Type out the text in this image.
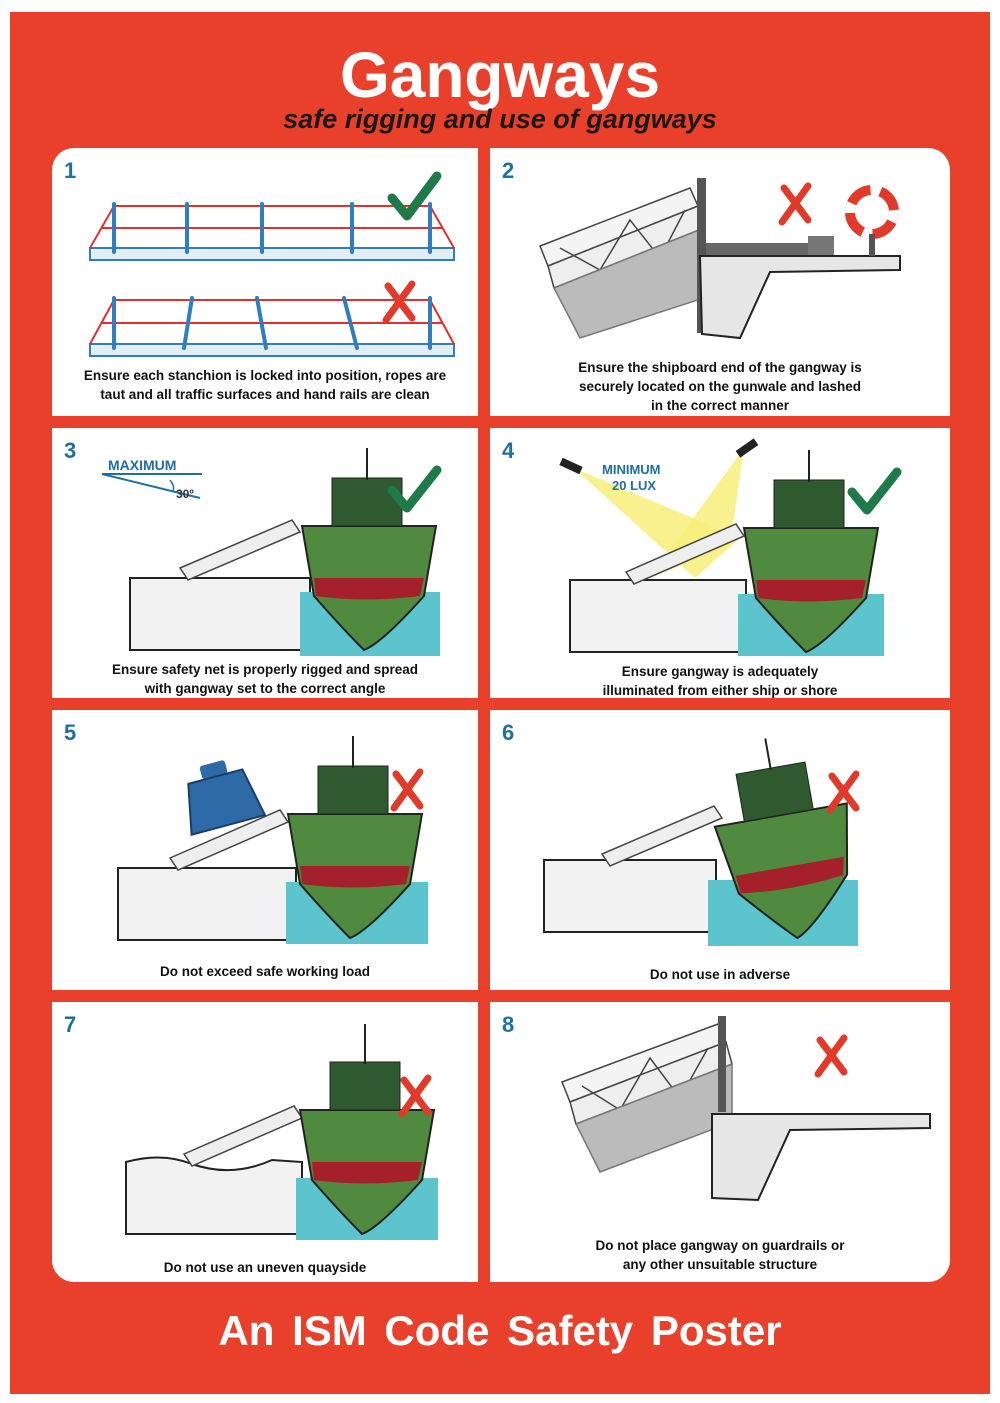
Gangways
safe rigging and use of gangways
1
Ensure each stanchion is locked into position, ropes are
taut and all traffic surfaces and hand rails are clean
2
Ensure the shipboard end of the gangway is
securely located on the gunwale and lashed
in the correct manner
3
MAXIMUM
30º
Ensure safety net is properly rigged and spread
with gangway set to the correct angle
4
MINIMUM
20 LUX
Ensure gangway is adequately
illuminated from either ship or shore
5
Do not exceed safe working load
6
Do not use in adverse
7
Do not use an uneven quayside
8
Do not place gangway on guardrails or
any other unsuitable structure
An ISM Code Safety Poster
